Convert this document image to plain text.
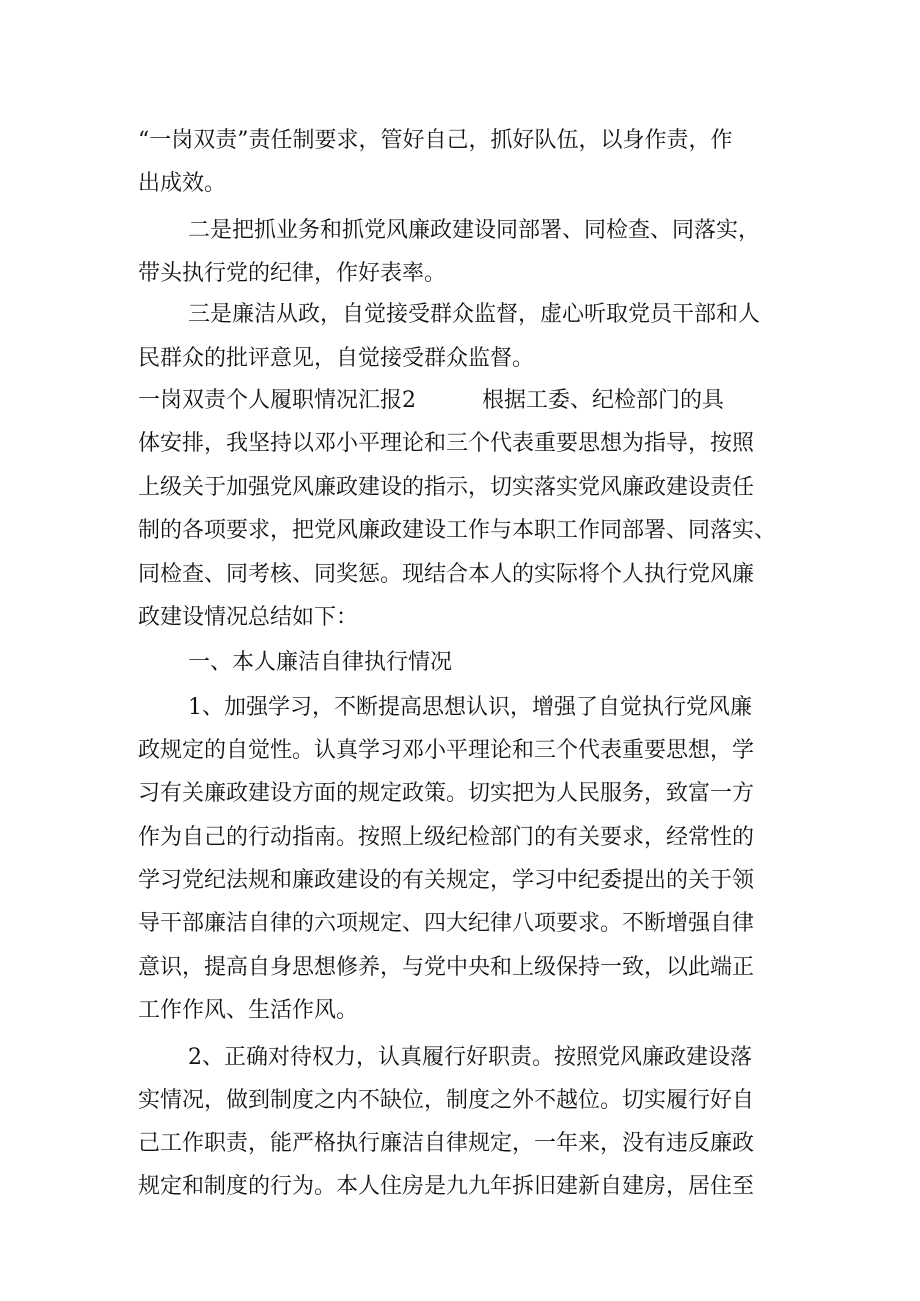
“一岗双责”责任制要求，管好自己，抓好队伍，以身作责，作
出成效。
二是把抓业务和抓党风廉政建设同部署、同检查、同落实，
带头执行党的纪律，作好表率。
三是廉洁从政，自觉接受群众监督，虚心听取党员干部和人
民群众的批评意见，自觉接受群众监督。
一岗双责个人履职情况汇报2　　　根据工委、纪检部门的具
体安排，我坚持以邓小平理论和三个代表重要思想为指导，按照
上级关于加强党风廉政建设的指示，切实落实党风廉政建设责任
制的各项要求，把党风廉政建设工作与本职工作同部署、同落实、
同检查、同考核、同奖惩。现结合本人的实际将个人执行党风廉
政建设情况总结如下：
一、本人廉洁自律执行情况
1、加强学习，不断提高思想认识，增强了自觉执行党风廉
政规定的自觉性。认真学习邓小平理论和三个代表重要思想，学
习有关廉政建设方面的规定政策。切实把为人民服务，致富一方
作为自己的行动指南。按照上级纪检部门的有关要求，经常性的
学习党纪法规和廉政建设的有关规定，学习中纪委提出的关于领
导干部廉洁自律的六项规定、四大纪律八项要求。不断增强自律
意识，提高自身思想修养，与党中央和上级保持一致，以此端正
工作作风、生活作风。
2、正确对待权力，认真履行好职责。按照党风廉政建设落
实情况，做到制度之内不缺位，制度之外不越位。切实履行好自
己工作职责，能严格执行廉洁自律规定，一年来，没有违反廉政
规定和制度的行为。本人住房是九九年拆旧建新自建房，居住至
